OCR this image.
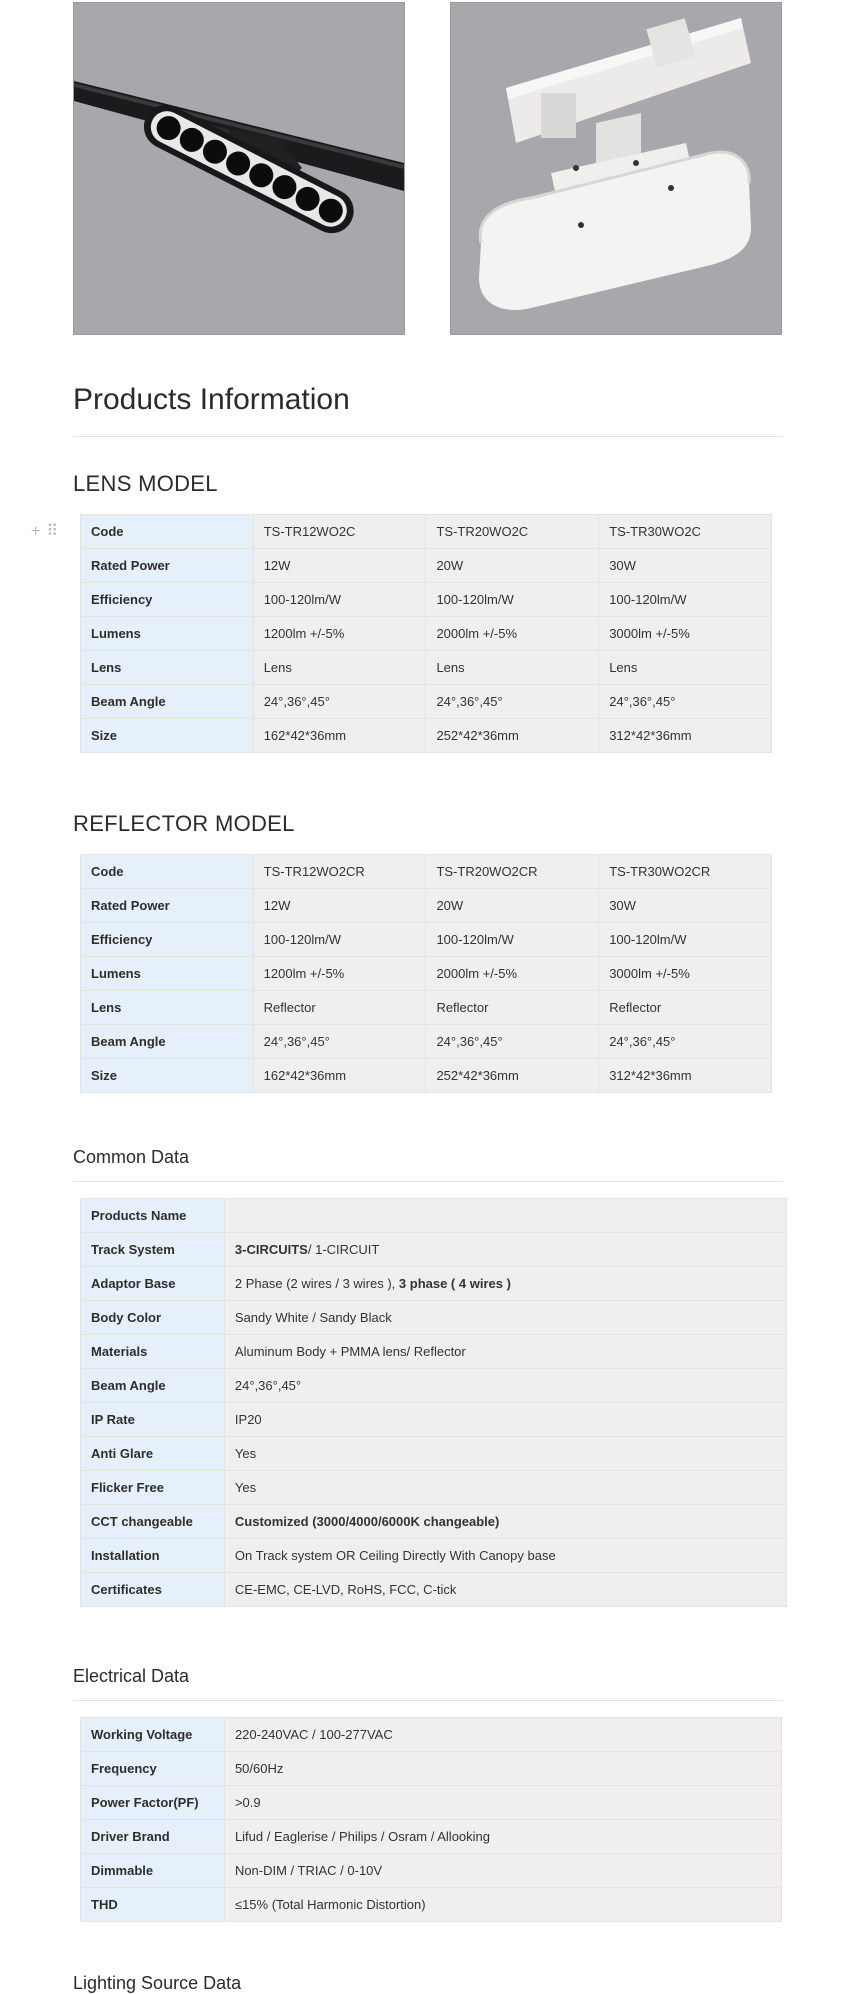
Products Information
LENS MODEL
+ ⠿	Code	TS-TR12WO2C	TS-TR20WO2C	TS-TR30WO2C
Rated Power	12W	20W	30W
Efficiency	100-120lm/W	100-120lm/W	100-120lm/W
Lumens	1200lm +/-5%	2000lm +/-5%	3000lm +/-5%
Lens	Lens	Lens	Lens
Beam Angle	24°,36°,45°	24°,36°,45°	24°,36°,45°
Size	162*42*36mm	252*42*36mm	312*42*36mm
REFLECTOR MODEL
Code	TS-TR12WO2CR	TS-TR20WO2CR	TS-TR30WO2CR
Rated Power	12W	20W	30W
Efficiency	100-120lm/W	100-120lm/W	100-120lm/W
Lumens	1200lm +/-5%	2000lm +/-5%	3000lm +/-5%
Lens	Reflector	Reflector	Reflector
Beam Angle	24°,36°,45°	24°,36°,45°	24°,36°,45°
Size	162*42*36mm	252*42*36mm	312*42*36mm
Common Data
Products Name	
Track System	3-CIRCUITS/ 1-CIRCUIT
Adaptor Base	2 Phase (2 wires / 3 wires ), 3 phase ( 4 wires )
Body Color	Sandy White / Sandy Black
Materials	Aluminum Body + PMMA lens/ Reflector
Beam Angle	24°,36°,45°
IP Rate	IP20
Anti Glare	Yes
Flicker Free	Yes
CCT changeable	Customized (3000/4000/6000K changeable)
Installation	On Track system OR Ceiling Directly With Canopy base
Certificates	CE-EMC, CE-LVD, RoHS, FCC, C-tick
Electrical Data
Working Voltage	220-240VAC / 100-277VAC
Frequency	50/60Hz
Power Factor(PF)	>0.9
Driver Brand	Lifud / Eaglerise / Philips / Osram / Allooking
Dimmable	Non-DIM / TRIAC / 0-10V
THD	≤15% (Total Harmonic Distortion)
Lighting Source Data
